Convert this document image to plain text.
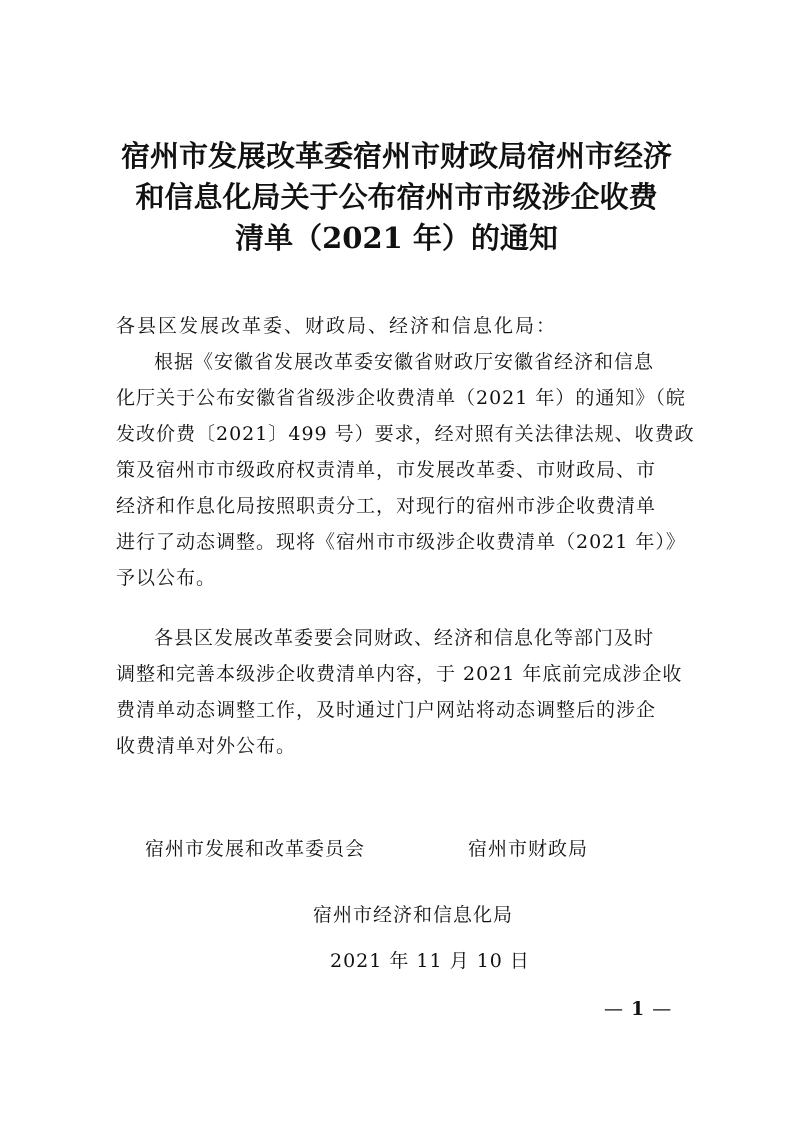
宿州市发展改革委宿州市财政局宿州市经济
和信息化局关于公布宿州市市级涉企收费
清单（2021 年）的通知
各县区发展改革委、财政局、经济和信息化局：
根据《安徽省发展改革委安徽省财政厅安徽省经济和信息
化厅关于公布安徽省省级涉企收费清单（2021 年）的通知》（皖
发改价费〔2021〕499 号）要求，经对照有关法律法规、收费政
策及宿州市市级政府权责清单，市发展改革委、市财政局、市
经济和作息化局按照职责分工，对现行的宿州市涉企收费清单
进行了动态调整。现将《宿州市市级涉企收费清单（2021 年）》
予以公布。
各县区发展改革委要会同财政、经济和信息化等部门及时
调整和完善本级涉企收费清单内容，于 2021 年底前完成涉企收
费清单动态调整工作，及时通过门户网站将动态调整后的涉企
收费清单对外公布。
宿州市发展和改革委员会	宿州市财政局
宿州市经济和信息化局
2021 年 11 月 10 日
— 1 —
